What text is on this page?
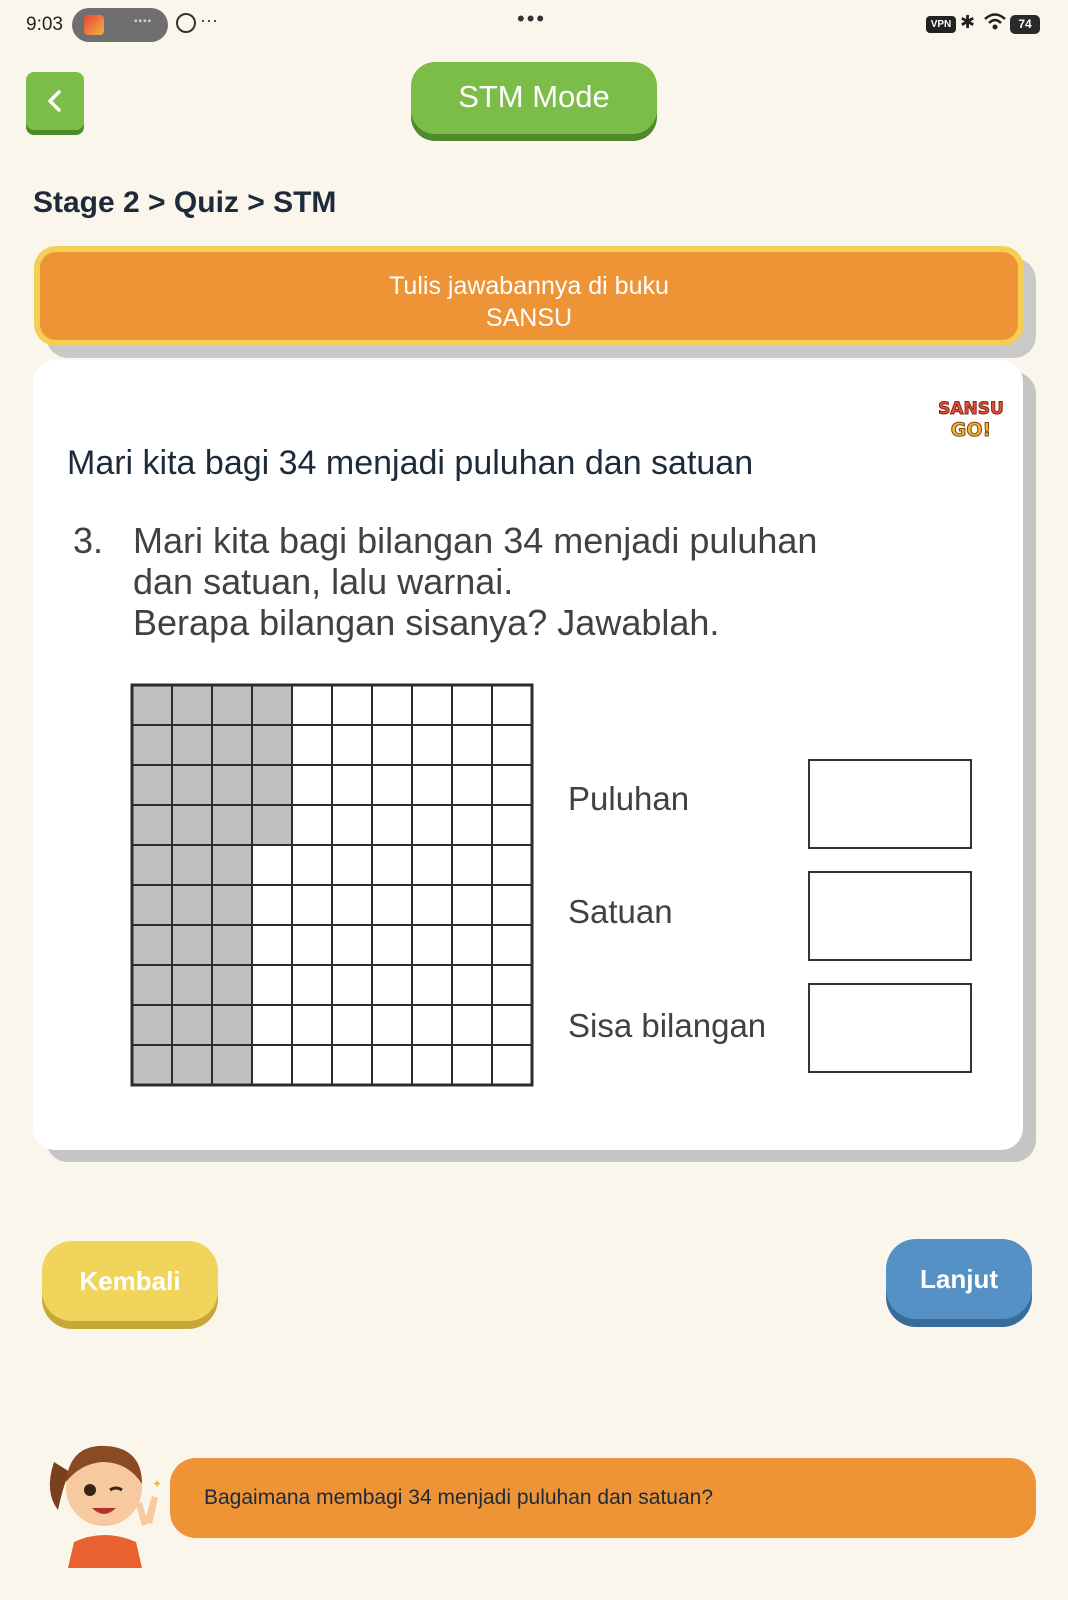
9:03	▪▪▪▪	···	•••	VPN ✱	74
STM Mode
Stage 2 > Quiz > STM
Tulis jawabannya di buku
SANSU
SANSU
GO!
Mari kita bagi 34 menjadi puluhan dan satuan
3. Mari kita bagi bilangan 34 menjadi puluhan
dan satuan, lalu warnai.
Berapa bilangan sisanya? Jawablah.
Puluhan
Satuan
Sisa bilangan
Kembali	Lanjut
✦
Bagaimana membagi 34 menjadi puluhan dan satuan?
